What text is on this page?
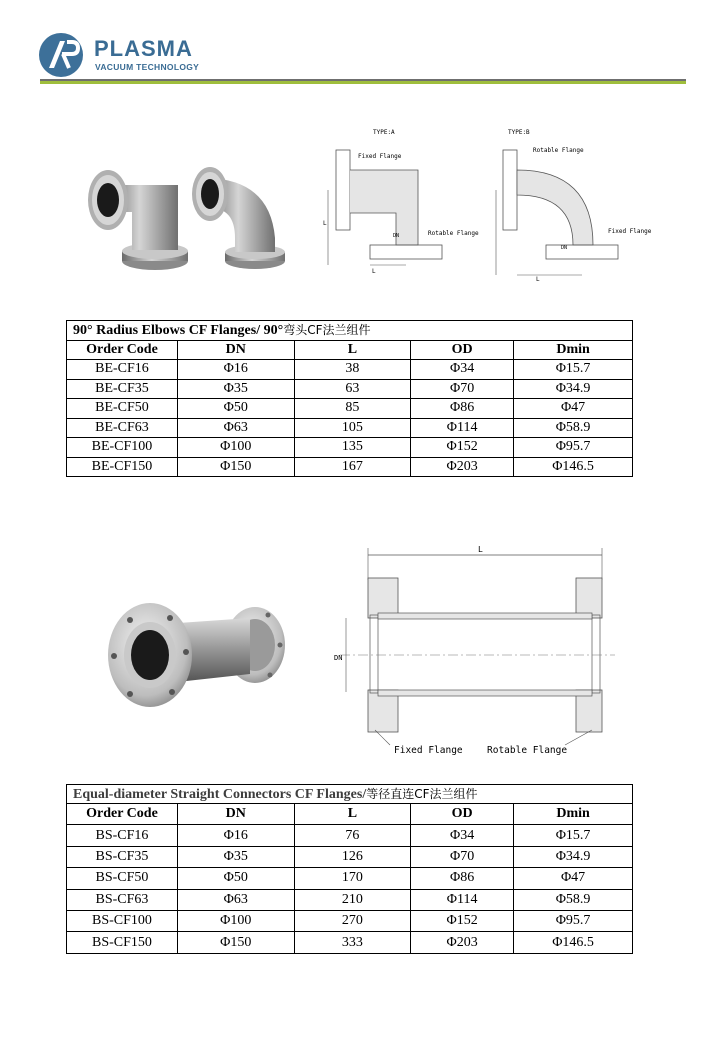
PLASMA
VACUUM TECHNOLOGY
TYPE:A	TYPE:B
Fixed Flange
Rotable Flange
L
L
DN
Rotable Flange
Fixed Flange
L
DN
90° Radius Elbows CF Flanges/ 90°弯头CF法兰组件				
Order Code	DN	L	OD	Dmin
BE-CF16	Φ16	38	Φ34	Φ15.7
BE-CF35	Φ35	63	Φ70	Φ34.9
BE-CF50	Φ50	85	Φ86	Φ47
BE-CF63	Φ63	105	Φ114	Φ58.9
BE-CF100	Φ100	135	Φ152	Φ95.7
BE-CF150	Φ150	167	Φ203	Φ146.5
L
DN
Fixed Flange	Rotable Flange
Equal-diameter Straight Connectors CF Flanges/等径直连CF法兰组件				
Order Code	DN	L	OD	Dmin
BS-CF16	Φ16	76	Φ34	Φ15.7
BS-CF35	Φ35	126	Φ70	Φ34.9
BS-CF50	Φ50	170	Φ86	Φ47
BS-CF63	Φ63	210	Φ114	Φ58.9
BS-CF100	Φ100	270	Φ152	Φ95.7
BS-CF150	Φ150	333	Φ203	Φ146.5
